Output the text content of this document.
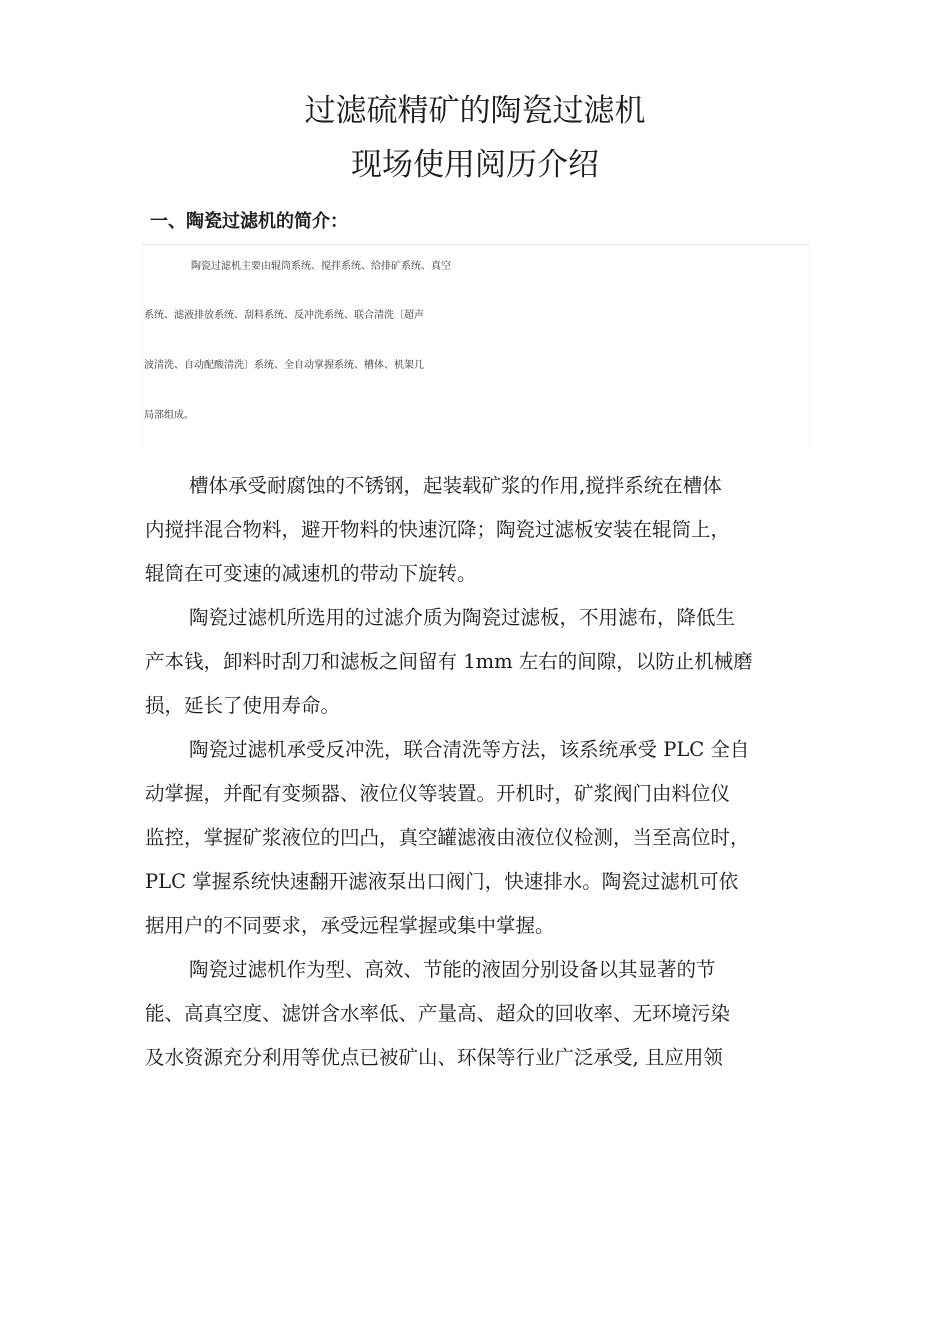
过滤硫精矿的陶瓷过滤机
现场使用阅历介绍
一、陶瓷过滤机的简介：
陶瓷过滤机主要由辊筒系统、搅拌系统、给排矿系统、真空
系统、滤液排放系统、刮料系统、反冲洗系统、联合清洗〔超声
波清洗、自动配酸清洗〕系统、全自动掌握系统、槽体、机架几
局部组成。
槽体承受耐腐蚀的不锈钢，起装载矿浆的作用,搅拌系统在槽体
内搅拌混合物料，避开物料的快速沉降；陶瓷过滤板安装在辊筒上，
辊筒在可变速的减速机的带动下旋转。
陶瓷过滤机所选用的过滤介质为陶瓷过滤板，不用滤布，降低生
产本钱，卸料时刮刀和滤板之间留有 1mm 左右的间隙，以防止机械磨
损，延长了使用寿命。
陶瓷过滤机承受反冲洗，联合清洗等方法，该系统承受 PLC 全自
动掌握，并配有变频器、液位仪等装置。开机时，矿浆阀门由料位仪
监控，掌握矿浆液位的凹凸，真空罐滤液由液位仪检测，当至高位时，
PLC 掌握系统快速翻开滤液泵出口阀门，快速排水。陶瓷过滤机可依
据用户的不同要求，承受远程掌握或集中掌握。
陶瓷过滤机作为型、高效、节能的液固分别设备以其显著的节
能、高真空度、滤饼含水率低、产量高、超众的回收率、无环境污染
及水资源充分利用等优点已被矿山、环保等行业广泛承受, 且应用领
